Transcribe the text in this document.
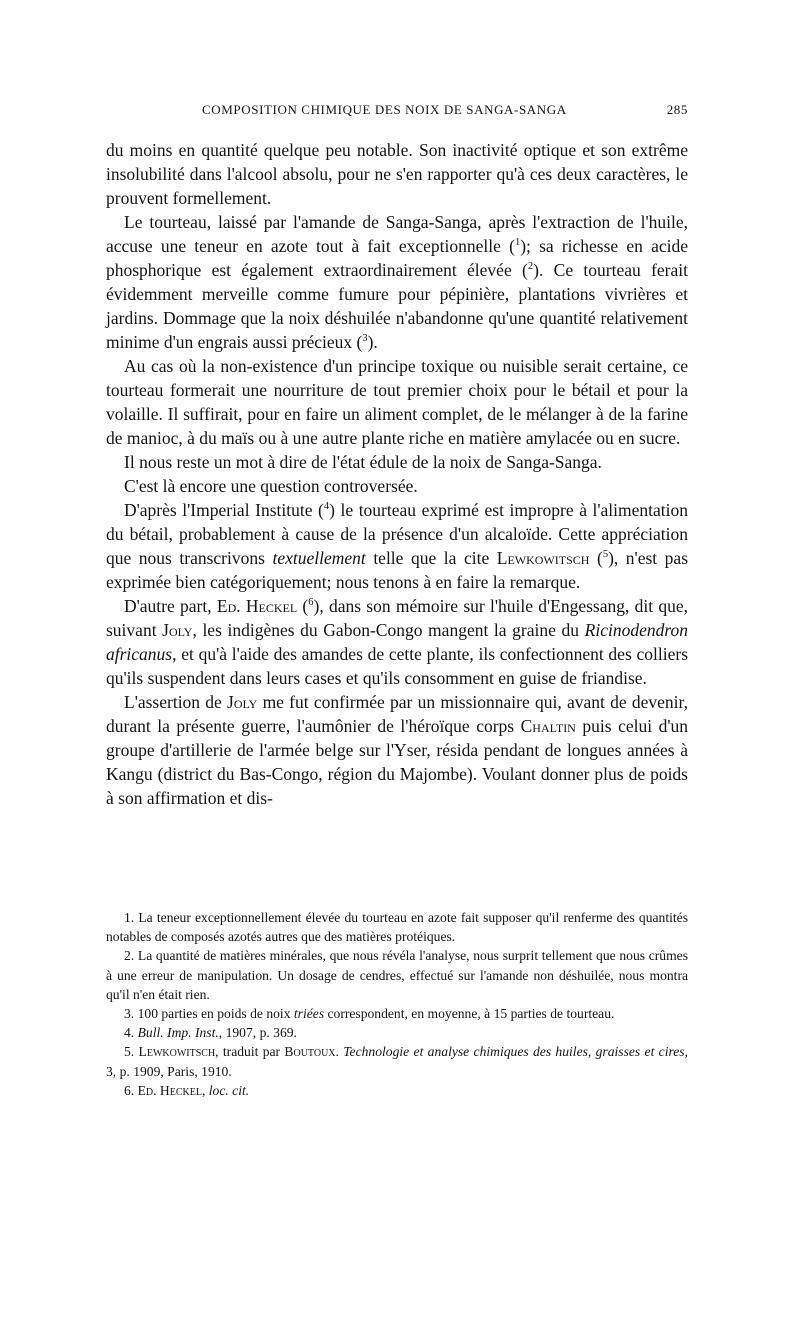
COMPOSITION CHIMIQUE DES NOIX DE SANGA-SANGA	285

du moins en quantité quelque peu notable. Son inactivité optique et son extrême insolubilité dans l'alcool absolu, pour ne s'en rapporter qu'à ces deux caractères, le prouvent formellement.

Le tourteau, laissé par l'amande de Sanga-Sanga, après l'extraction de l'huile, accuse une teneur en azote tout à fait exceptionnelle ($^1$); sa richesse en acide phosphorique est également extraordinairement élevée ($^2$). Ce tourteau ferait évidemment merveille comme fumure pour pépinière, plantations vivrières et jardins. Dommage que la noix déshuilée n'abandonne qu'une quantité relativement minime d'un engrais aussi précieux ($^3$).

Au cas où la non-existence d'un principe toxique ou nuisible serait certaine, ce tourteau formerait une nourriture de tout premier choix pour le bétail et pour la volaille. Il suffirait, pour en faire un aliment complet, de le mélanger à de la farine de manioc, à du maïs ou à une autre plante riche en matière amylacée ou en sucre.

Il nous reste un mot à dire de l'état édule de la noix de Sanga-Sanga.

C'est là encore une question controversée.

D'après l'Imperial Institute ($^4$) le tourteau exprimé est impropre à l'alimentation du bétail, probablement à cause de la présence d'un alcaloïde. Cette appréciation que nous transcrivons textuellement telle que la cite Lewkowitsch ($^5$), n'est pas exprimée bien catégoriquement; nous tenons à en faire la remarque.

D'autre part, Ed. Heckel ($^6$), dans son mémoire sur l'huile d'Engessang, dit que, suivant Joly, les indigènes du Gabon-Congo mangent la graine du Ricinodendron africanus, et qu'à l'aide des amandes de cette plante, ils confectionnent des colliers qu'ils suspendent dans leurs cases et qu'ils consomment en guise de friandise.

L'assertion de Joly me fut confirmée par un missionnaire qui, avant de devenir, durant la présente guerre, l'aumônier de l'héroïque corps Chaltin puis celui d'un groupe d'artillerie de l'armée belge sur l'Yser, résida pendant de longues années à Kangu (district du Bas-Congo, région du Majombe). Voulant donner plus de poids à son affirmation et dis-

1. La teneur exceptionnellement élevée du tourteau en azote fait supposer qu'il renferme des quantités notables de composés azotés autres que des matières protéiques.

2. La quantité de matières minérales, que nous révéla l'analyse, nous surprit tellement que nous crûmes à une erreur de manipulation. Un dosage de cendres, effectué sur l'amande non déshuilée, nous montra qu'il n'en était rien.

3. 100 parties en poids de noix triées correspondent, en moyenne, à 15 parties de tourteau.

4. Bull. Imp. Inst., 1907, p. 369.

5. Lewkowitsch, traduit par Boutoux. Technologie et analyse chimiques des huiles, graisses et cires, 3, p. 1909, Paris, 1910.

6. Ed. Heckel, loc. cit.
